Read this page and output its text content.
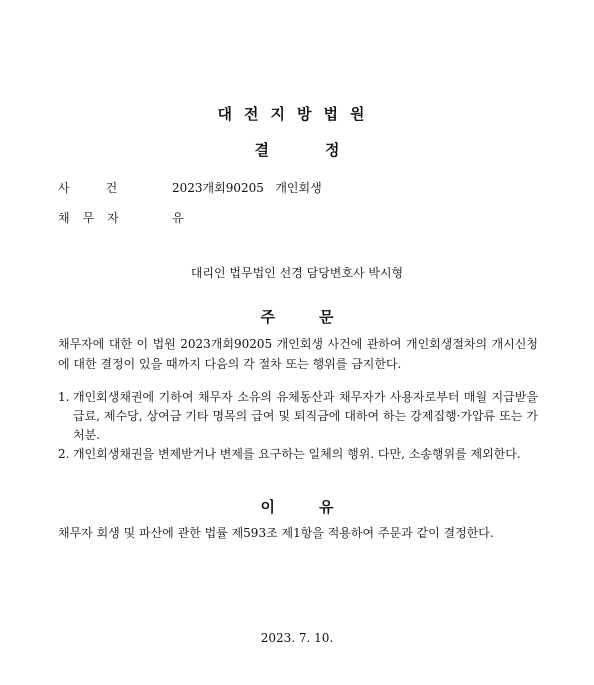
대전지방법원
결	정
사건 2023개회90205   개인회생
채무자	유
대리인 법무법인 선경 담당변호사 박시형
주	문
채무자에 대한 이 법원 2023개회90205 개인회생 사건에 관하여 개인회생절차의 개시신청에 대한 결정이 있을 때까지 다음의 각 절차 또는 행위를 금지한다.
1. 개인회생채권에 기하여 채무자 소유의 유체동산과 채무자가 사용자로부터 매월 지급받을 급료, 제수당, 상여금 기타 명목의 급여 및 퇴직금에 대하여 하는 강제집행·가압류 또는 가처분.
2. 개인회생채권을 변제받거나 변제를 요구하는 일체의 행위. 다만, 소송행위를 제외한다.
이	유
채무자 회생 및 파산에 관한 법률 제593조 제1항을 적용하여 주문과 같이 결정한다.
2023. 7. 10.
